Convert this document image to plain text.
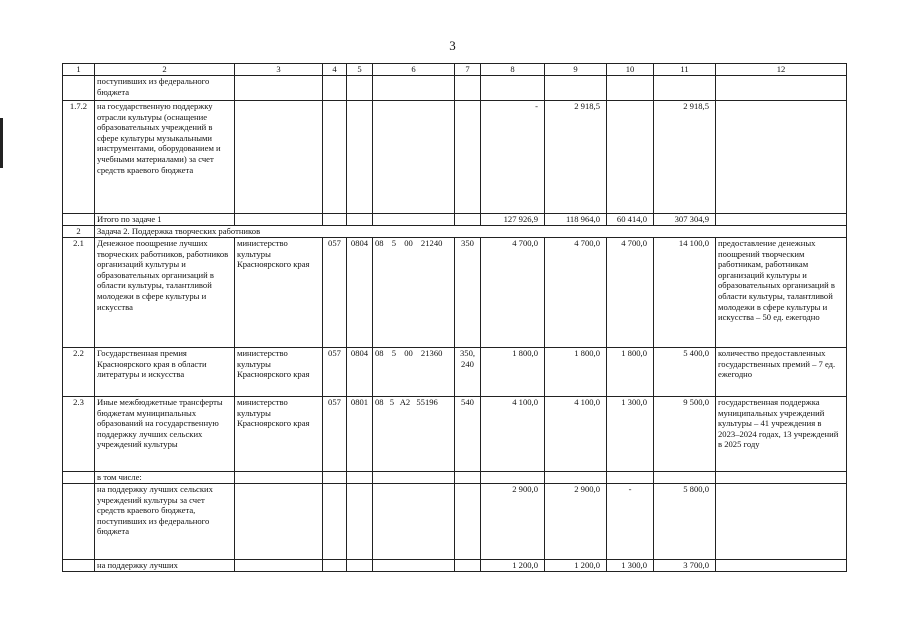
3
1	2	3	4	5	6	7	8	9	10	11	12
	поступивших из федерального бюджета										
1.7.2	на государственную поддержку отрасли культуры (оснащение образовательных учреждений в сфере культуры музыкальными инструментами, оборудованием и учебными материалами) за счет средств краевого бюджета						-	2 918,5		2 918,5	
	Итого по задаче 1						127 926,9	118 964,0	60 414,0	307 304,9	
2	Задача 2. Поддержка творческих работников										
2.1	Денежное поощрение лучших творческих работников, работников организаций культуры и образовательных организаций в области культуры, талантливой молодежи в сфере культуры и искусства	министерство культуры Красноярского края	057	0804	08 5 00 21240	350	4 700,0	4 700,0	4 700,0	14 100,0	предоставление денежных поощрений творческим работникам, работникам организаций культуры и образовательных организаций в области культуры, талантливой молодежи в сфере культуры и искусства – 50 ед. ежегодно
2.2	Государственная премия Красноярского края в области литературы и искусства	министерство культуры Красноярского края	057	0804	08 5 00 21360	350, 240	1 800,0	1 800,0	1 800,0	5 400,0	количество предоставленных государственных премий – 7 ед. ежегодно
2.3	Иные межбюджетные трансферты бюджетам муниципальных образований на государственную поддержку лучших сельских учреждений культуры	министерство культуры Красноярского края	057	0801	08 5 A2 55196	540	4 100,0	4 100,0	1 300,0	9 500,0	государственная поддержка муниципальных учреждений культуры – 41 учреждения в 2023–2024 годах, 13 учреждений в 2025 году
	в том числе:										
	на поддержку лучших сельских учреждений культуры за счет средств краевого бюджета, поступивших из федерального бюджета						2 900,0	2 900,0	-	5 800,0	
	на поддержку лучших						1 200,0	1 200,0	1 300,0	3 700,0	
